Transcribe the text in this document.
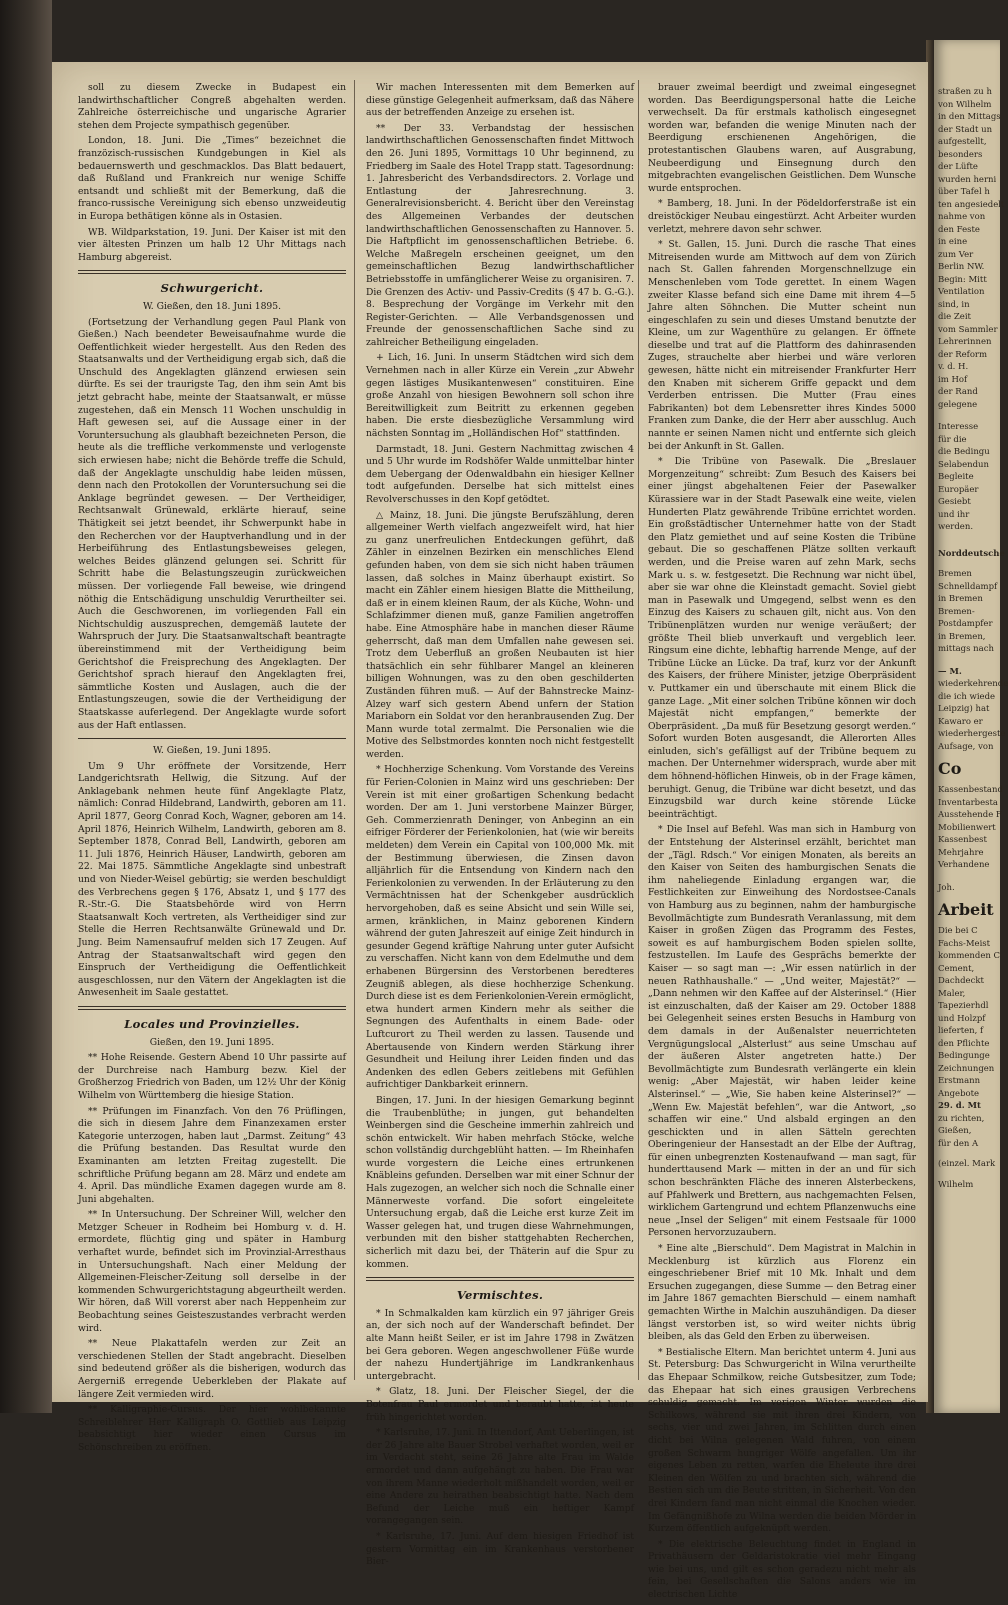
soll zu diesem Zwecke in Budapest ein landwirthschaftlicher Congreß abgehalten werden. Zahlreiche österreichische und ungarische Agrarier stehen dem Projecte sympathisch gegenüber.

London, 18. Juni. Die „Times“ bezeichnet die franzözisch-russischen Kundgebungen in Kiel als bedauernswerth und geschmacklos. Das Blatt bedauert, daß Rußland und Frankreich nur wenige Schiffe entsandt und schließt mit der Bemerkung, daß die franco-russische Vereinigung sich ebenso unzweideutig in Europa bethätigen könne als in Ostasien.

WB. Wildparkstation, 19. Juni. Der Kaiser ist mit den vier ältesten Prinzen um halb 12 Uhr Mittags nach Hamburg abgereist.

Schwurgericht.
W. Gießen, den 18. Juni 1895.

(Fortsetzung der Verhandlung gegen Paul Plank von Gießen.) Nach beendeter Beweisaufnahme wurde die Oeffentlichkeit wieder hergestellt. Aus den Reden des Staatsanwalts und der Vertheidigung ergab sich, daß die Unschuld des Angeklagten glänzend erwiesen sein dürfte. Es sei der traurigste Tag, den ihm sein Amt bis jetzt gebracht habe, meinte der Staatsanwalt, er müsse zugestehen, daß ein Mensch 11 Wochen unschuldig in Haft gewesen sei, auf die Aussage einer in der Voruntersuchung als glaubhaft bezeichneten Person, die heute als die treffliche verkommenste und verlogenste sich erwiesen habe; nicht die Behörde treffe die Schuld, daß der Angeklagte unschuldig habe leiden müssen, denn nach den Protokollen der Voruntersuchung sei die Anklage begründet gewesen. — Der Vertheidiger, Rechtsanwalt Grünewald, erklärte hierauf, seine Thätigkeit sei jetzt beendet, ihr Schwerpunkt habe in den Recherchen vor der Hauptverhandlung und in der Herbeiführung des Entlastungsbeweises gelegen, welches Beides glänzend gelungen sei. Schritt für Schritt habe die Belastungszeugin zurückweichen müssen. Der vorliegende Fall beweise, wie dringend nöthig die Entschädigung unschuldig Verurtheilter sei. Auch die Geschworenen, im vorliegenden Fall ein Nichtschuldig auszusprechen, demgemäß lautete der Wahrspruch der Jury. Die Staatsanwaltschaft beantragte übereinstimmend mit der Vertheidigung beim Gerichtshof die Freisprechung des Angeklagten. Der Gerichtshof sprach hierauf den Angeklagten frei, sämmtliche Kosten und Auslagen, auch die der Entlastungszeugen, sowie die der Vertheidigung der Staatskasse auferlegend. Der Angeklagte wurde sofort aus der Haft entlassen.

W. Gießen, 19. Juni 1895.

Um 9 Uhr eröffnete der Vorsitzende, Herr Landgerichtsrath Hellwig, die Sitzung. Auf der Anklagebank nehmen heute fünf Angeklagte Platz, nämlich: Conrad Hildebrand, Landwirth, geboren am 11. April 1877, Georg Conrad Koch, Wagner, geboren am 14. April 1876, Heinrich Wilhelm, Landwirth, geboren am 8. September 1878, Conrad Bell, Landwirth, geboren am 11. Juli 1876, Heinrich Häuser, Landwirth, geboren am 22. Mai 1875. Sämmtliche Angeklagte sind unbestraft und von Nieder-Weisel gebürtig; sie werden beschuldigt des Verbrechens gegen § 176, Absatz 1, und § 177 des R.-Str.-G. Die Staatsbehörde wird von Herrn Staatsanwalt Koch vertreten, als Vertheidiger sind zur Stelle die Herren Rechtsanwälte Grünewald und Dr. Jung. Beim Namensaufruf melden sich 17 Zeugen. Auf Antrag der Staatsanwaltschaft wird gegen den Einspruch der Vertheidigung die Oeffentlichkeit ausgeschlossen, nur den Vätern der Angeklagten ist die Anwesenheit im Saale gestattet.

Locales und Provinzielles.
Gießen, den 19. Juni 1895.

** Hohe Reisende. Gestern Abend 10 Uhr passirte auf der Durchreise nach Hamburg bezw. Kiel der Großherzog Friedrich von Baden, um 12½ Uhr der König Wilhelm von Württemberg die hiesige Station.

** Prüfungen im Finanzfach. Von den 76 Prüflingen, die sich in diesem Jahre dem Finanzexamen erster Kategorie unterzogen, haben laut „Darmst. Zeitung“ 43 die Prüfung bestanden. Das Resultat wurde den Examinanten am letzten Freitag zugestellt. Die schriftliche Prüfung begann am 28. März und endete am 4. April. Das mündliche Examen dagegen wurde am 8. Juni abgehalten.

** In Untersuchung. Der Schreiner Will, welcher den Metzger Scheuer in Rodheim bei Homburg v. d. H. ermordete, flüchtig ging und später in Hamburg verhaftet wurde, befindet sich im Provinzial-Arresthaus in Untersuchungshaft. Nach einer Meldung der Allgemeinen-Fleischer-Zeitung soll derselbe in der kommenden Schwurgerichtstagung abgeurtheilt werden. Wir hören, daß Will vorerst aber nach Heppenheim zur Beobachtung seines Geisteszustandes verbracht werden wird.

** Neue Plakattafeln werden zur Zeit an verschiedenen Stellen der Stadt angebracht. Dieselben sind bedeutend größer als die bisherigen, wodurch das Aergerniß erregende Ueberkleben der Plakate auf längere Zeit vermieden wird.

** Kalligraphie-Cursus. Der hier wohlbekannte Schreiblehrer Herr Kalligraph O. Gottlieb aus Leipzig beabsichtigt hier wieder einen Cursus im Schönschreiben zu eröffnen.

Wir machen Interessenten mit dem Bemerken auf diese günstige Gelegenheit aufmerksam, daß das Nähere aus der betreffenden Anzeige zu ersehen ist.

** Der 33. Verbandstag der hessischen landwirthschaftlichen Genossenschaften findet Mittwoch den 26. Juni 1895, Vormittags 10 Uhr beginnend, zu Friedberg im Saale des Hotel Trapp statt. Tagesordnung: 1. Jahresbericht des Verbandsdirectors. 2. Vorlage und Entlastung der Jahresrechnung. 3. Generalrevisionsbericht. 4. Bericht über den Vereinstag des Allgemeinen Verbandes der deutschen landwirthschaftlichen Genossenschaften zu Hannover. 5. Die Haftpflicht im genossenschaftlichen Betriebe. 6. Welche Maßregeln erscheinen geeignet, um den gemeinschaftlichen Bezug landwirthschaftlicher Betriebsstoffe in umfänglicherer Weise zu organisiren. 7. Die Grenzen des Activ- und Passiv-Credits (§ 47 b. G.-G.). 8. Besprechung der Vorgänge im Verkehr mit den Register-Gerichten. — Alle Verbandsgenossen und Freunde der genossenschaftlichen Sache sind zu zahlreicher Betheiligung eingeladen.

+ Lich, 16. Juni. In unserm Städtchen wird sich dem Vernehmen nach in aller Kürze ein Verein „zur Abwehr gegen lästiges Musikantenwesen“ constituiren. Eine große Anzahl von hiesigen Bewohnern soll schon ihre Bereitwilligkeit zum Beitritt zu erkennen gegeben haben. Die erste diesbezügliche Versammlung wird nächsten Sonntag im „Holländischen Hof“ stattfinden.

Darmstadt, 18. Juni. Gestern Nachmittag zwischen 4 und 5 Uhr wurde im Rodshöfer Walde unmittelbar hinter dem Uebergang der Odenwaldbahn ein hiesiger Kellner todt aufgefunden. Derselbe hat sich mittelst eines Revolverschusses in den Kopf getödtet.

△ Mainz, 18. Juni. Die jüngste Berufszählung, deren allgemeiner Werth vielfach angezweifelt wird, hat hier zu ganz unerfreulichen Entdeckungen geführt, daß Zähler in einzelnen Bezirken ein menschliches Elend gefunden haben, von dem sie sich nicht haben träumen lassen, daß solches in Mainz überhaupt existirt. So macht ein Zähler einem hiesigen Blatte die Mittheilung, daß er in einem kleinen Raum, der als Küche, Wohn- und Schlafzimmer dienen muß, ganze Familien angetroffen habe. Eine Atmosphäre habe in manchen dieser Räume geherrscht, daß man dem Umfallen nahe gewesen sei. Trotz dem Ueberfluß an großen Neubauten ist hier thatsächlich ein sehr fühlbarer Mangel an kleineren billigen Wohnungen, was zu den oben geschilderten Zuständen führen muß. — Auf der Bahnstrecke Mainz-Alzey warf sich gestern Abend unfern der Station Mariaborn ein Soldat vor den heranbrausenden Zug. Der Mann wurde total zermalmt. Die Personalien wie die Motive des Selbstmordes konnten noch nicht festgestellt werden.

* Hochherzige Schenkung. Vom Vorstande des Vereins für Ferien-Colonien in Mainz wird uns geschrieben: Der Verein ist mit einer großartigen Schenkung bedacht worden. Der am 1. Juni verstorbene Mainzer Bürger, Geh. Commerzienrath Deninger, von Anbeginn an ein eifriger Förderer der Ferienkolonien, hat (wie wir bereits meldeten) dem Verein ein Capital von 100,000 Mk. mit der Bestimmung überwiesen, die Zinsen davon alljährlich für die Entsendung von Kindern nach den Ferienkolonien zu verwenden. In der Erläuterung zu den Vermächtnissen hat der Schenkgeber ausdrücklich hervorgehoben, daß es seine Absicht und sein Wille sei, armen, kränklichen, in Mainz geborenen Kindern während der guten Jahreszeit auf einige Zeit hindurch in gesunder Gegend kräftige Nahrung unter guter Aufsicht zu verschaffen. Nicht kann von dem Edelmuthe und dem erhabenen Bürgersinn des Verstorbenen beredteres Zeugniß ablegen, als diese hochherzige Schenkung. Durch diese ist es dem Ferienkolonien-Verein ermöglicht, etwa hundert armen Kindern mehr als seither die Segnungen des Aufenthalts in einem Bade- oder Luftcurort zu Theil werden zu lassen. Tausende und Abertausende von Kindern werden Stärkung ihrer Gesundheit und Heilung ihrer Leiden finden und das Andenken des edlen Gebers zeitlebens mit Gefühlen aufrichtiger Dankbarkeit erinnern.

Bingen, 17. Juni. In der hiesigen Gemarkung beginnt die Traubenblüthe; in jungen, gut behandelten Weinbergen sind die Gescheine immerhin zahlreich und schön entwickelt. Wir haben mehrfach Stöcke, welche schon vollständig durchgeblüht hatten. — Im Rheinhafen wurde vorgestern die Leiche eines ertrunkenen Knäbleins gefunden. Derselben war mit einer Schnur der Hals zugezogen, an welcher sich noch die Schnalle einer Männerweste vorfand. Die sofort eingeleitete Untersuchung ergab, daß die Leiche erst kurze Zeit im Wasser gelegen hat, und trugen diese Wahrnehmungen, verbunden mit den bisher stattgehabten Recherchen, sicherlich mit dazu bei, der Thäterin auf die Spur zu kommen.

Vermischtes.

* In Schmalkalden kam kürzlich ein 97 jähriger Greis an, der sich noch auf der Wanderschaft befindet. Der alte Mann heißt Seiler, er ist im Jahre 1798 in Zwätzen bei Gera geboren. Wegen angeschwollener Füße wurde der nahezu Hundertjährige im Landkrankenhaus untergebracht.

* Glatz, 18. Juni. Der Fleischer Siegel, der die Botenfrau Paul ermordet und beraubt hatte, ist heute früh hingerichtet worden.

* Karlsruhe, 17. Juni. In Ittendorf, Amt Ueberlingen, ist der 26 Jahre alte Bauer Strobel verhaftet worden, weil er im Verdacht steht, seine 26 Jahre alte Frau im Walde ermordet und dann aufgehängt zu haben. Die Frau war von ihrem Manne wiederholt mißhandelt worden, weil er eine Andere zu heirathen beabsichtigt hatte. Nach dem Befund der Leiche muß ein heftiger Kampf vorangegangen sein.

* Karlsruhe, 17. Juni. Auf dem hiesigen Friedhof ist gestern Vormittag ein im Krankenhaus verstorbener Bier-

brauer zweimal beerdigt und zweimal eingesegnet worden. Das Beerdigungspersonal hatte die Leiche verwechselt. Da für erstmals katholisch eingesegnet worden war, befanden die wenige Minuten nach der Beerdigung erschienenen Angehörigen, die protestantischen Glaubens waren, auf Ausgrabung, Neubeerdigung und Einsegnung durch den mitgebrachten evangelischen Geistlichen. Dem Wunsche wurde entsprochen.

* Bamberg, 18. Juni. In der Pödeldorferstraße ist ein dreistöckiger Neubau eingestürzt. Acht Arbeiter wurden verletzt, mehrere davon sehr schwer.

* St. Gallen, 15. Juni. Durch die rasche That eines Mitreisenden wurde am Mittwoch auf dem von Zürich nach St. Gallen fahrenden Morgenschnellzuge ein Menschenleben vom Tode gerettet. In einem Wagen zweiter Klasse befand sich eine Dame mit ihrem 4—5 Jahre alten Söhnchen. Die Mutter scheint nun eingeschlafen zu sein und dieses Umstand benutzte der Kleine, um zur Wagenthüre zu gelangen. Er öffnete dieselbe und trat auf die Plattform des dahinrasenden Zuges, strauchelte aber hierbei und wäre verloren gewesen, hätte nicht ein mitreisender Frankfurter Herr den Knaben mit sicherem Griffe gepackt und dem Verderben entrissen. Die Mutter (Frau eines Fabrikanten) bot dem Lebensretter ihres Kindes 5000 Franken zum Danke, die der Herr aber ausschlug. Auch nannte er seinen Namen nicht und entfernte sich gleich bei der Ankunft in St. Gallen.

* Die Tribüne von Pasewalk. Die „Breslauer Morgenzeitung“ schreibt: Zum Besuch des Kaisers bei einer jüngst abgehaltenen Feier der Pasewalker Kürassiere war in der Stadt Pasewalk eine weite, vielen Hunderten Platz gewährende Tribüne errichtet worden. Ein großstädtischer Unternehmer hatte von der Stadt den Platz gemiethet und auf seine Kosten die Tribüne gebaut. Die so geschaffenen Plätze sollten verkauft werden, und die Preise waren auf zehn Mark, sechs Mark u. s. w. festgesetzt. Die Rechnung war nicht übel, aber sie war ohne die Kleinstadt gemacht. Soviel giebt man in Pasewalk und Umgegend, selbst wenn es den Einzug des Kaisers zu schauen gilt, nicht aus. Von den Tribünenplätzen wurden nur wenige veräußert; der größte Theil blieb unverkauft und vergeblich leer. Ringsum eine dichte, lebhaftig harrende Menge, auf der Tribüne Lücke an Lücke. Da traf, kurz vor der Ankunft des Kaisers, der frühere Minister, jetzige Oberpräsident v. Puttkamer ein und überschaute mit einem Blick die ganze Lage. „Mit einer solchen Tribüne können wir doch Majestät nicht empfangen,“ bemerkte der Oberpräsident. „Da muß für Besetzung gesorgt werden.“ Sofort wurden Boten ausgesandt, die Allerorten Alles einluden, sich's gefälligst auf der Tribüne bequem zu machen. Der Unternehmer widersprach, wurde aber mit dem höhnend-höflichen Hinweis, ob in der Frage kämen, beruhigt. Genug, die Tribüne war dicht besetzt, und das Einzugsbild war durch keine störende Lücke beeinträchtigt.

* Die Insel auf Befehl. Was man sich in Hamburg von der Entstehung der Alsterinsel erzählt, berichtet man der „Tägl. Rdsch.“ Vor einigen Monaten, als bereits an den Kaiser von Seiten des hamburgischen Senats die ihm naheliegende Einladung ergangen war, die Festlichkeiten zur Einweihung des Nordostsee-Canals von Hamburg aus zu beginnen, nahm der hamburgische Bevollmächtigte zum Bundesrath Veranlassung, mit dem Kaiser in großen Zügen das Programm des Festes, soweit es auf hamburgischem Boden spielen sollte, festzustellen. Im Laufe des Gesprächs bemerkte der Kaiser — so sagt man —: „Wir essen natürlich in der neuen Rathhaushalle.“ — „Und weiter, Majestät?“ — „Dann nehmen wir den Kaffee auf der Alsterinsel.“ (Hier ist einzuschalten, daß der Kaiser am 29. October 1888 bei Gelegenheit seines ersten Besuchs in Hamburg von dem damals in der Außenalster neuerrichteten Vergnügungslocal „Alsterlust“ aus seine Umschau auf der äußeren Alster angetreten hatte.) Der Bevollmächtigte zum Bundesrath verlängerte ein klein wenig: „Aber Majestät, wir haben leider keine Alsterinsel.“ — „Wie, Sie haben keine Alsterinsel?“ — „Wenn Ew. Majestät befehlen“, war die Antwort, „so schaffen wir eine.“ Und alsbald ergingen an den geschickten und in allen Sätteln gerechten Oberingenieur der Hansestadt an der Elbe der Auftrag, für einen unbegrenzten Kostenaufwand — man sagt, für hunderttausend Mark — mitten in der an und für sich schon beschränkten Fläche des inneren Alsterbeckens, auf Pfahlwerk und Brettern, aus nachgemachten Felsen, wirklichem Gartengrund und echtem Pflanzenwuchs eine neue „Insel der Seligen“ mit einem Festsaale für 1000 Personen hervorzuzaubern.

* Eine alte „Bierschuld“. Dem Magistrat in Malchin in Mecklenburg ist kürzlich aus Florenz ein eingeschriebener Brief mit 10 Mk. Inhalt und dem Ersuchen zugegangen, diese Summe — den Betrag einer im Jahre 1867 gemachten Bierschuld — einem namhaft gemachten Wirthe in Malchin auszuhändigen. Da dieser längst verstorben ist, so wird weiter nichts übrig bleiben, als das Geld den Erben zu überweisen.

* Bestialische Eltern. Man berichtet unterm 4. Juni aus St. Petersburg: Das Schwurgericht in Wilna verurtheilte das Ehepaar Schmilkow, reiche Gutsbesitzer, zum Tode; das Ehepaar hat sich eines grausigen Verbrechens schuldig gemacht. Im vorigen Winter wurden die Schilkows, während sie mit ihren drei Kindern, von sechs, vier und zwei Jahren, im Schlitten durch einen dicht bei Wilna gelegenen Wald fuhren, von einem großen Schwarm hungriger Wölfe angefallen. Um ihr eigenes Leben zu retten, warfen die Eheleute ihre drei Kleinen den Wölfen zu und brachten sich, während die Bestien sich um die Beute stritten, in Sicherheit. Von den drei Kindern fand man nicht einmal die Knochen wieder. Im Gefängnißhofe zu Wilna werden die beiden Mörder in Kurzem öffentlich aufgeknüpft werden.

* Die elektrische Beleuchtung findet in England in Privathäusern der Geldaristokratie viel mehr Eingang wie bei uns, und gilt es schon geradezu nicht mehr als fein, bei Gesellschaften die Salons anders wie im electrischen Lichte

straßen zu h
von Wilhelm
in den Mittags
der Stadt un
aufgestellt,
besonders
der Lüfte
wurden herni
über Tafel h
ten angesiedelt
nahme von
den Feste
in eine
zum Ver
Berlin NW.
Begin: Mitt
Ventilation
sind, in
die Zeit
vom Sammler
Lehrerinnen
der Reform
v. d. H.
im Hof
der Rand
gelegene
Interesse
für die
die Bedingu
Selabendun
Begleite
Europäer
Gesiebt
und ihr
werden.
Norddeutsche
Bremen
Schnelldampf
in Bremen
Bremen-
Postdampfer
in Bremen,
mittags nach
— M.
wiederkehrende
die ich wiede
Leipzig) hat
Kawaro er
wiederhergeste
Aufsage, von
Co
Kassenbestand
Inventarbesta
Ausstehende F
Mobilienwert
Kassenbest
Mehrjahre
Verhandene
Joh.
Arbeit
Die bei C
Fachs-Meist
kommenden C
Cement,
Dachdeckt
Maler,
Tapezierhdl
und Holzpf
lieferten, f
den Pflichte
Bedingunge
Zeichnungen
Erstmann
Angebote
29. d. Mt
zu richten,
Gießen,
für den A
(einzel. Mark
Wilhelm
